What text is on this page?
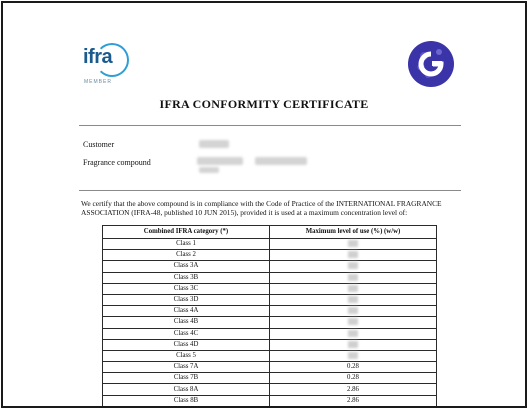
ifra
MEMBER
IFRA CONFORMITY CERTIFICATE
Customer
Fragrance compound
We certify that the above compound is in compliance with the Code of Practice of the INTERNATIONAL FRAGRANCE ASSOCIATION (IFRA-48, published 10 JUN 2015), provided it is used at a maximum concentration level of:
Combined IFRA category (*)	Maximum level of use (%) (w/w)
Class 1	
Class 2	
Class 3A	
Class 3B	
Class 3C	
Class 3D	
Class 4A	
Class 4B	
Class 4C	
Class 4D	
Class 5	
Class 7A	0.28
Class 7B	0.28
Class 8A	2.86
Class 8B	2.86
